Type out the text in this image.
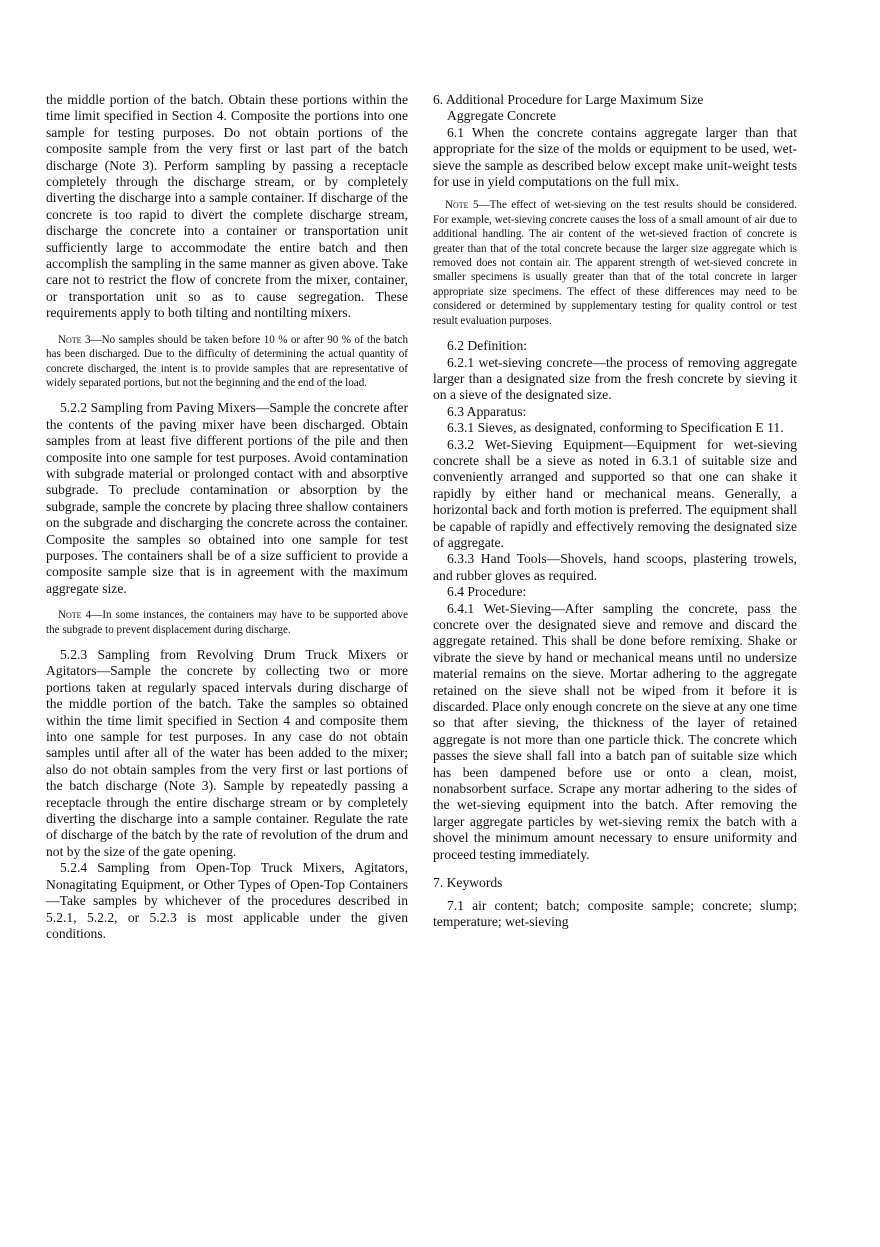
the middle portion of the batch. Obtain these portions within the time limit specified in Section 4. Composite the portions into one sample for testing purposes. Do not obtain portions of the composite sample from the very first or last part of the batch discharge (Note 3). Perform sampling by passing a receptacle completely through the discharge stream, or by completely diverting the discharge into a sample container. If discharge of the concrete is too rapid to divert the complete discharge stream, discharge the concrete into a container or transportation unit sufficiently large to accommodate the entire batch and then accomplish the sampling in the same manner as given above. Take care not to restrict the flow of concrete from the mixer, container, or transportation unit so as to cause segregation. These requirements apply to both tilting and nontilting mixers.

Note 3—No samples should be taken before 10 % or after 90 % of the batch has been discharged. Due to the difficulty of determining the actual quantity of concrete discharged, the intent is to provide samples that are representative of widely separated portions, but not the beginning and the end of the load.

5.2.2 Sampling from Paving Mixers—Sample the concrete after the contents of the paving mixer have been discharged. Obtain samples from at least five different portions of the pile and then composite into one sample for test purposes. Avoid contamination with subgrade material or prolonged contact with and absorptive subgrade. To preclude contamination or absorption by the subgrade, sample the concrete by placing three shallow containers on the subgrade and discharging the concrete across the container. Composite the samples so obtained into one sample for test purposes. The containers shall be of a size sufficient to provide a composite sample size that is in agreement with the maximum aggregate size.

Note 4—In some instances, the containers may have to be supported above the subgrade to prevent displacement during discharge.

5.2.3 Sampling from Revolving Drum Truck Mixers or Agitators—Sample the concrete by collecting two or more portions taken at regularly spaced intervals during discharge of the middle portion of the batch. Take the samples so obtained within the time limit specified in Section 4 and composite them into one sample for test purposes. In any case do not obtain samples until after all of the water has been added to the mixer; also do not obtain samples from the very first or last portions of the batch discharge (Note 3). Sample by repeatedly passing a receptacle through the entire discharge stream or by completely diverting the discharge into a sample container. Regulate the rate of discharge of the batch by the rate of revolution of the drum and not by the size of the gate opening.

5.2.4 Sampling from Open-Top Truck Mixers, Agitators, Nonagitating Equipment, or Other Types of Open-Top Containers—Take samples by whichever of the procedures described in 5.2.1, 5.2.2, or 5.2.3 is most applicable under the given conditions.

6. Additional Procedure for Large Maximum Size
Aggregate Concrete

6.1 When the concrete contains aggregate larger than that appropriate for the size of the molds or equipment to be used, wet-sieve the sample as described below except make unit-weight tests for use in yield computations on the full mix.

Note 5—The effect of wet-sieving on the test results should be considered. For example, wet-sieving concrete causes the loss of a small amount of air due to additional handling. The air content of the wet-sieved fraction of concrete is greater than that of the total concrete because the larger size aggregate which is removed does not contain air. The apparent strength of wet-sieved concrete in smaller specimens is usually greater than that of the total concrete in larger appropriate size specimens. The effect of these differences may need to be considered or determined by supplementary testing for quality control or test result evaluation purposes.

6.2 Definition:

6.2.1 wet-sieving concrete—the process of removing aggregate larger than a designated size from the fresh concrete by sieving it on a sieve of the designated size.

6.3 Apparatus:

6.3.1 Sieves, as designated, conforming to Specification E 11.

6.3.2 Wet-Sieving Equipment—Equipment for wet-sieving concrete shall be a sieve as noted in 6.3.1 of suitable size and conveniently arranged and supported so that one can shake it rapidly by either hand or mechanical means. Generally, a horizontal back and forth motion is preferred. The equipment shall be capable of rapidly and effectively removing the designated size of aggregate.

6.3.3 Hand Tools—Shovels, hand scoops, plastering trowels, and rubber gloves as required.

6.4 Procedure:

6.4.1 Wet-Sieving—After sampling the concrete, pass the concrete over the designated sieve and remove and discard the aggregate retained. This shall be done before remixing. Shake or vibrate the sieve by hand or mechanical means until no undersize material remains on the sieve. Mortar adhering to the aggregate retained on the sieve shall not be wiped from it before it is discarded. Place only enough concrete on the sieve at any one time so that after sieving, the thickness of the layer of retained aggregate is not more than one particle thick. The concrete which passes the sieve shall fall into a batch pan of suitable size which has been dampened before use or onto a clean, moist, nonabsorbent surface. Scrape any mortar adhering to the sides of the wet-sieving equipment into the batch. After removing the larger aggregate particles by wet-sieving remix the batch with a shovel the minimum amount necessary to ensure uniformity and proceed testing immediately.

7. Keywords

7.1 air content; batch; composite sample; concrete; slump; temperature; wet-sieving
